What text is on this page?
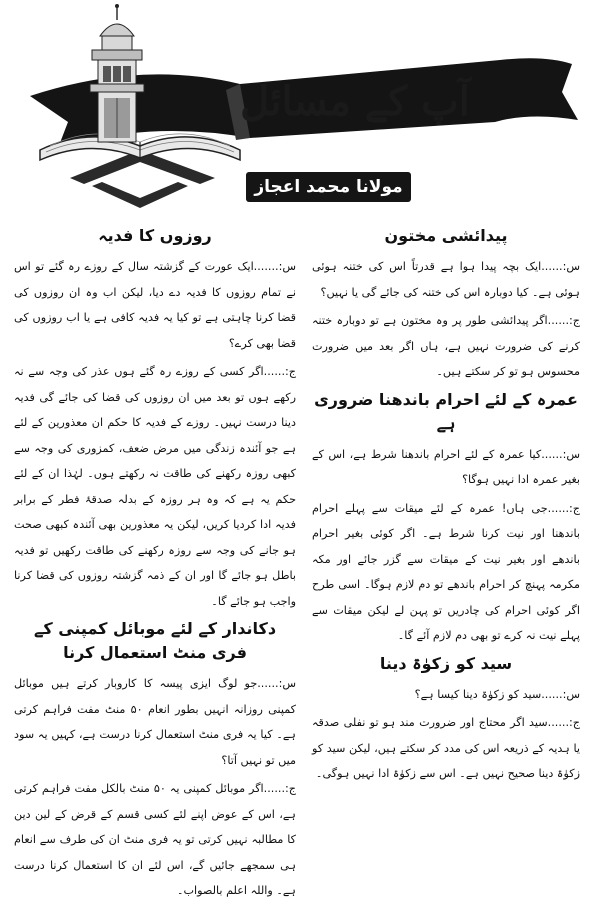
آپ کے مسائل
مولانا محمد اعجاز مصطفی
روزوں کا فدیہ

س:.......ایک عورت کے گزشتہ سال کے روزے رہ گئے تو اس نے تمام روزوں کا فدیہ دے دیا، لیکن اب وہ ان روزوں کی قضا کرنا چاہتی ہے تو کیا یہ فدیہ کافی ہے یا اب روزوں کی قضا بھی کرے؟

ج:......اگر کسی کے روزے رہ گئے ہوں عذر کی وجہ سے نہ رکھے ہوں تو بعد میں ان روزوں کی قضا کی جائے گی فدیہ دینا درست نہیں۔ روزے کے فدیہ کا حکم ان معذورین کے لئے ہے جو آئندہ زندگی میں مرض ضعف، کمزوری کی وجہ سے کبھی روزہ رکھنے کی طاقت نہ رکھتے ہوں۔ لہٰذا ان کے لئے حکم یہ ہے کہ وہ ہر روزہ کے بدلہ صدقۂ فطر کے برابر فدیہ ادا کردیا کریں، لیکن یہ معذورین بھی آئندہ کبھی صحت ہو جانے کی وجہ سے روزہ رکھنے کی طاقت رکھیں تو فدیہ باطل ہو جائے گا اور ان کے ذمہ گزشتہ روزوں کی قضا کرنا واجب ہو جائے گا۔

دکاندار کے لئے موبائل کمپنی کے فری منٹ استعمال کرنا

س:......جو لوگ ایزی پیسہ کا کاروبار کرتے ہیں موبائل کمپنی روزانہ انہیں بطور انعام ۵۰ منٹ مفت فراہم کرتی ہے۔ کیا یہ فری منٹ استعمال کرنا درست ہے، کہیں یہ سود میں تو نہیں آتا؟

ج:......اگر موبائل کمپنی یہ ۵۰ منٹ بالکل مفت فراہم کرتی ہے، اس کے عوض اپنے لئے کسی قسم کے قرض کے لین دین کا مطالبہ نہیں کرتی تو یہ فری منٹ ان کی طرف سے انعام ہی سمجھے جائیں گے، اس لئے ان کا استعمال کرنا درست ہے۔ واللہ اعلم بالصواب۔

پیدائشی مختون

س:......ایک بچہ پیدا ہوا ہے قدرتاً اس کی ختنہ ہوئی ہوئی ہے۔ کیا دوبارہ اس کی ختنہ کی جائے گی یا نہیں؟

ج:......اگر پیدائشی طور پر وہ مختون ہے تو دوبارہ ختنہ کرنے کی ضرورت نہیں ہے، ہاں اگر بعد میں ضرورت محسوس ہو تو کر سکتے ہیں۔

عمرہ کے لئے احرام باندھنا ضروری ہے

س:......کیا عمرہ کے لئے احرام باندھنا شرط ہے، اس کے بغیر عمرہ ادا نہیں ہوگا؟

ج:......جی ہاں! عمرہ کے لئے میقات سے پہلے احرام باندھنا اور نیت کرنا شرط ہے۔ اگر کوئی بغیر احرام باندھے اور بغیر نیت کے میقات سے گزر جائے اور مکہ مکرمہ پہنچ کر احرام باندھے تو دم لازم ہوگا۔ اسی طرح اگر کوئی احرام کی چادریں تو پہن لے لیکن میقات سے پہلے نیت نہ کرے تو بھی دم لازم آئے گا۔

سید کو زکوٰۃ دینا

س:......سید کو زکوٰۃ دینا کیسا ہے؟

ج:......سید اگر محتاج اور ضرورت مند ہو تو نفلی صدقہ یا ہدیہ کے ذریعہ اس کی مدد کر سکتے ہیں، لیکن سید کو زکوٰۃ دینا صحیح نہیں ہے۔ اس سے زکوٰۃ ادا نہیں ہوگی۔
